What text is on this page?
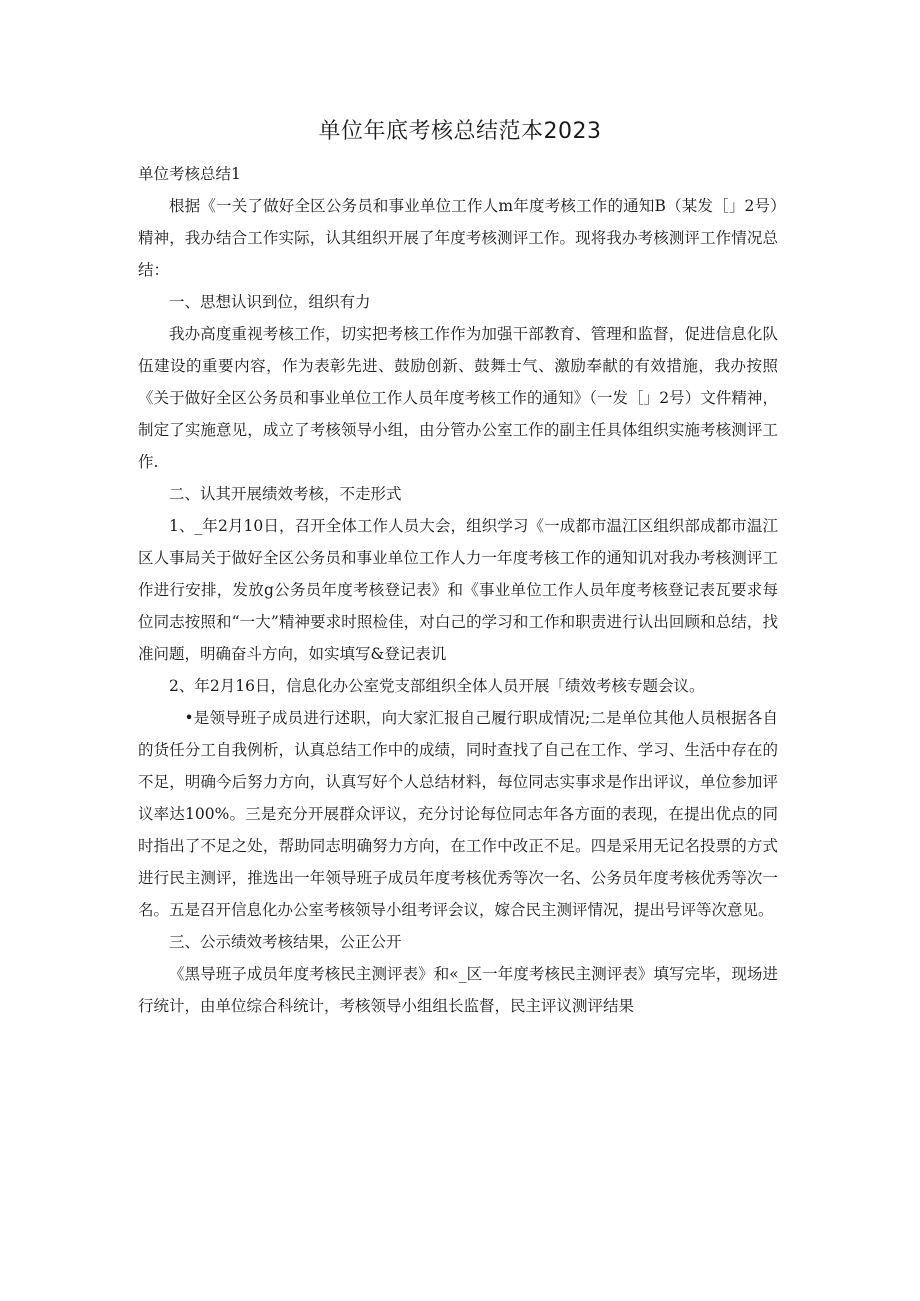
单位年底考核总结范本2023

单位考核总结1

根据《一关了做好全区公务员和事业单位工作人m年度考核工作的通知B（某发［」2号）精神，我办结合工作实际，认其组织开展了年度考核测评工作。现将我办考核测评工作情况总结：

一、思想认识到位，组织有力

我办高度重视考核工作，切实把考核工作作为加强干部教育、管理和监督，促进信息化队伍建设的重要内容，作为表彰先进、鼓励创新、鼓舞士气、激励奉献的有效措施，我办按照《关于做好全区公务员和事业单位工作人员年度考核工作的通知》（一发［」2号）文件精神，制定了实施意见，成立了考核领导小组，由分管办公室工作的副主任具体组织实施考核测评工作.

二、认其开展绩效考核，不走形式

1、_年2月10日，召开全体工作人员大会，组织学习《一成都市温江区组织部成都市温江区人事局关于做好全区公务员和事业单位工作人力一年度考核工作的通知讥对我办考核测评工作进行安排，发放g公务员年度考核登记表》和《事业单位工作人员年度考核登记表瓦要求每位同志按照和“一大”精神要求时照检佳，对白己的学习和工作和职责进行认出回顾和总结，找准问题，明确奋斗方向，如实填写&登记表讥

2、年2月16日，信息化办公室党支部组织全体人员开展「绩效考核专题会议。

•是领导班子成员进行述职，向大家汇报自己履行职成情况;二是单位其他人员根据各自的货任分工自我例析，认真总结工作中的成绩，同时查找了自己在工作、学习、生活中存在的不足，明确今后努力方向，认真写好个人总结材料，每位同志实事求是作出评议，单位参加评议率达100%。三是充分开展群众评议，充分讨论每位同志年各方面的表现，在提出优点的同时指出了不足之处，帮助同志明确努力方向，在工作中改正不足。四是采用无记名投票的方式进行民主测评，推选出一年领导班子成员年度考核优秀等次一名、公务员年度考核优秀等次一名。五是召开信息化办公室考核领导小组考评会议，嫁合民主测评情况，提出号评等次意见。

三、公示绩效考核结果，公正公开

《黑导班子成员年度考核民主测评表》和«_区一年度考核民主测评表》填写完毕，现场进行统计，由单位综合科统计，考核领导小组组长监督，民主评议测评结果
